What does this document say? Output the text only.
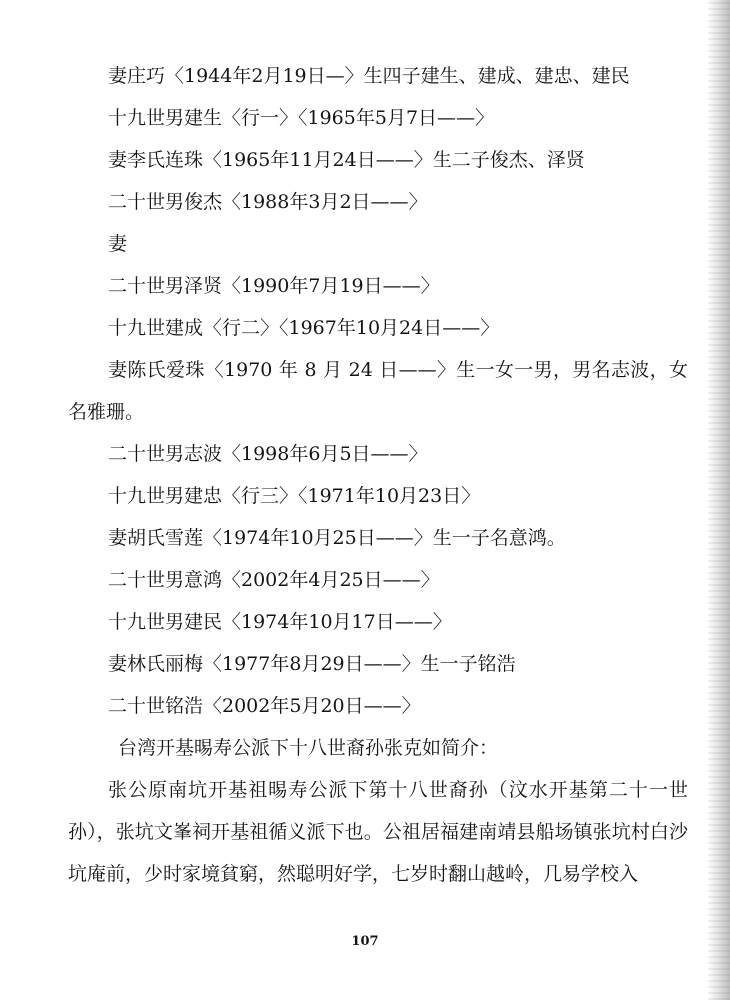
妻庄巧〈1944年2月19日—〉生四子建生、建成、建忠、建民
十九世男建生〈行一〉〈1965年5月7日——〉
妻李氏连珠〈1965年11月24日——〉生二子俊杰、泽贤
二十世男俊杰〈1988年3月2日——〉
妻
二十世男泽贤〈1990年7月19日——〉
十九世建成〈行二〉〈1967年10月24日——〉
妻陈氏爱珠〈1970 年 8 月 24 日——〉生一女一男，男名志波，女名雅珊。
二十世男志波〈1998年6月5日——〉
十九世男建忠〈行三〉〈1971年10月23日〉
妻胡氏雪莲〈1974年10月25日——〉生一子名意鸿。
二十世男意鸿〈2002年4月25日——〉
十九世男建民〈1974年10月17日——〉
妻林氏丽梅〈1977年8月29日——〉生一子铭浩
二十世铭浩〈2002年5月20日——〉
台湾开基晹寿公派下十八世裔孙张克如简介：
张公原南坑开基祖晹寿公派下第十八世裔孙（汶水开基第二十一世孙），张坑文峯祠开基祖循义派下也。公祖居福建南靖县船场镇张坑村白沙坑庵前，少时家境貧窮，然聪明好学，七岁时翻山越岭，几易学校入
107
